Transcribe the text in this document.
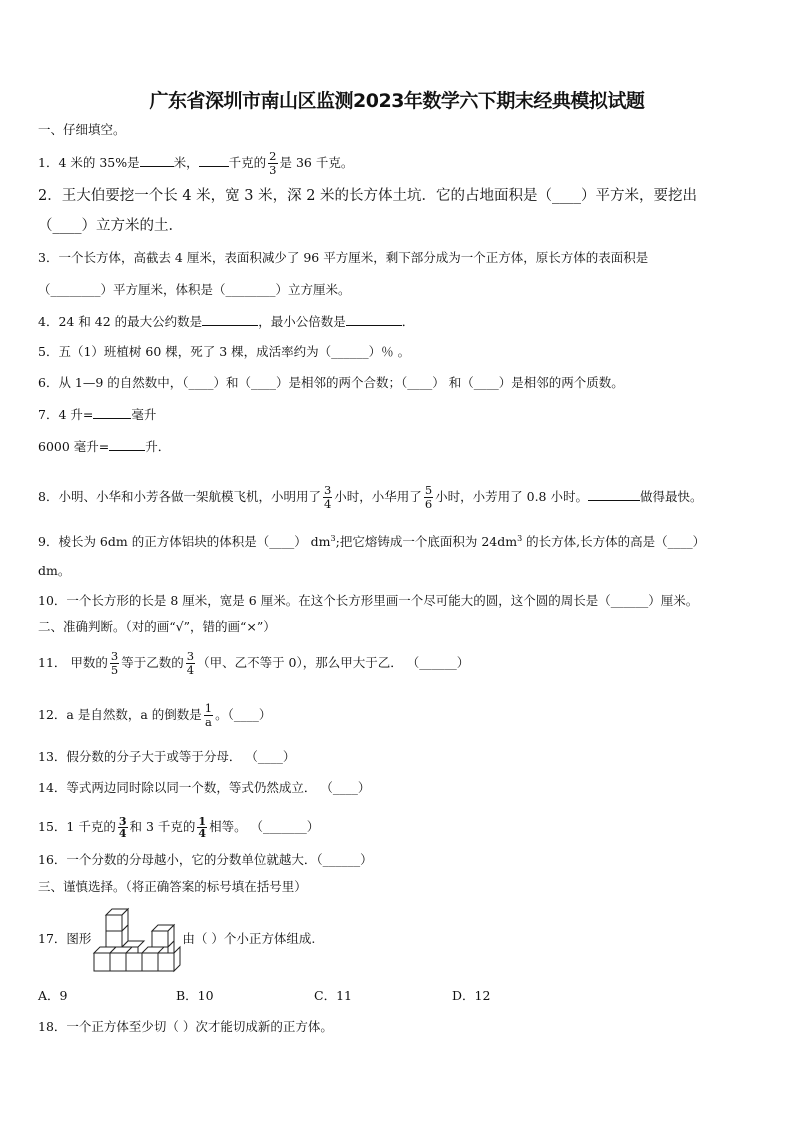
广东省深圳市南山区监测2023年数学六下期末经典模拟试题
一、仔细填空。
1．4 米的 35%是	米， 千克的 $\frac{2}{3}$ 是 36 千克。
2．王大伯要挖一个长 4 米，宽 3 米，深 2 米的长方体土坑．它的占地面积是（____）平方米，要挖出
（____）立方米的土．
3．一个长方体，高截去 4 厘米，表面积减少了 96 平方厘米，剩下部分成为一个正方体，原长方体的表面积是
（________）平方厘米，体积是（________）立方厘米。
4．24 和 42 的最大公约数是	，最小公倍数是	．
5．五（1）班植树 60 棵，死了 3 棵，成活率约为（______）％ 。
6．从 1—9 的自然数中，（____）和（____）是相邻的两个合数；（____） 和（____）是相邻的两个质数。
7．4 升=	毫升
6000 毫升=	升．
8．小明、小华和小芳各做一架航模飞机，小明用了 $\frac{3}{4}$ 小时，小华用了 $\frac{5}{6}$ 小时，小芳用了 0.8 小时。	做得最快。
9．棱长为 6dm 的正方体铝块的体积是（____） $dm^3$;把它熔铸成一个底面积为 $24dm^3$ 的长方体,长方体的高是（____）
dm。
10．一个长方形的长是 8 厘米，宽是 6 厘米。在这个长方形里画一个尽可能大的圆，这个圆的周长是（______）厘米。
二、准确判断。（对的画“√”，错的画“×”）
11． 甲数的 $\frac{3}{5}$ 等于乙数的 $\frac{3}{4}$ （甲、乙不等于 0），那么甲大于乙． （______）
12．a 是自然数，a 的倒数是 $\frac{1}{a}$ 。（____）
13．假分数的分子大于或等于分母． （____）
14．等式两边同时除以同一个数，等式仍然成立． （____）
15．1 千克的 $\frac{3}{4}$ 和 3 千克的 $\frac{1}{4}$ 相等。 （_______）
16．一个分数的分母越小，它的分数单位就越大．（______）
三、谨慎选择。（将正确答案的标号填在括号里）
17．图形	由（ ）个小正方体组成.
A．9	B．10	C．11	D．12
18．一个正方体至少切（ ）次才能切成新的正方体。
